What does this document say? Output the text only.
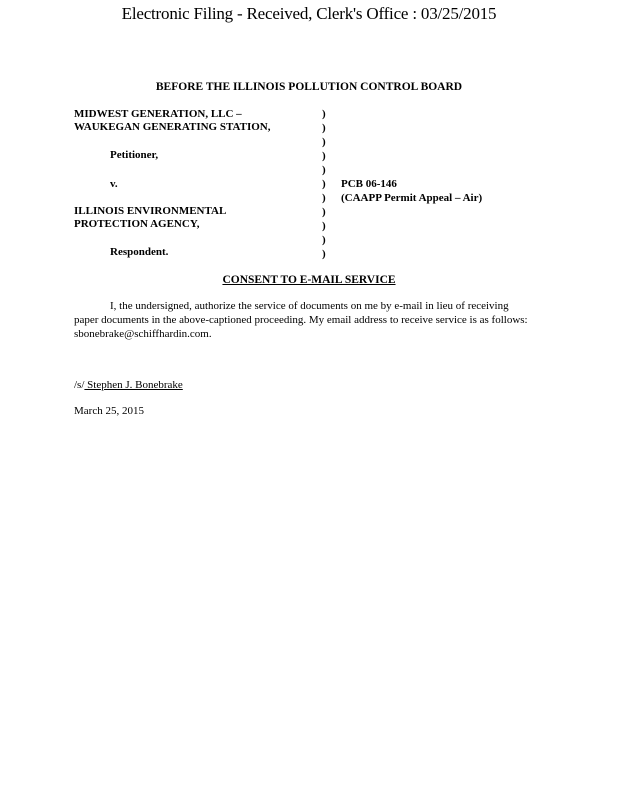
Electronic Filing - Received, Clerk's Office : 03/25/2015
BEFORE THE ILLINOIS POLLUTION CONTROL BOARD
MIDWEST GENERATION, LLC –
WAUKEGAN GENERATING STATION,
Petitioner,
v.
ILLINOIS ENVIRONMENTAL
PROTECTION AGENCY,
Respondent.
)
)
)
)
)
)
)
)
)
)
)
PCB 06-146
(CAAPP Permit Appeal – Air)
CONSENT TO E-MAIL SERVICE
I, the undersigned, authorize the service of documents on me by e-mail in lieu of receiving paper documents in the above-captioned proceeding. My email address to receive service is as follows: sbonebrake@schiffhardin.com.
/s/ Stephen J. Bonebrake
March 25, 2015
